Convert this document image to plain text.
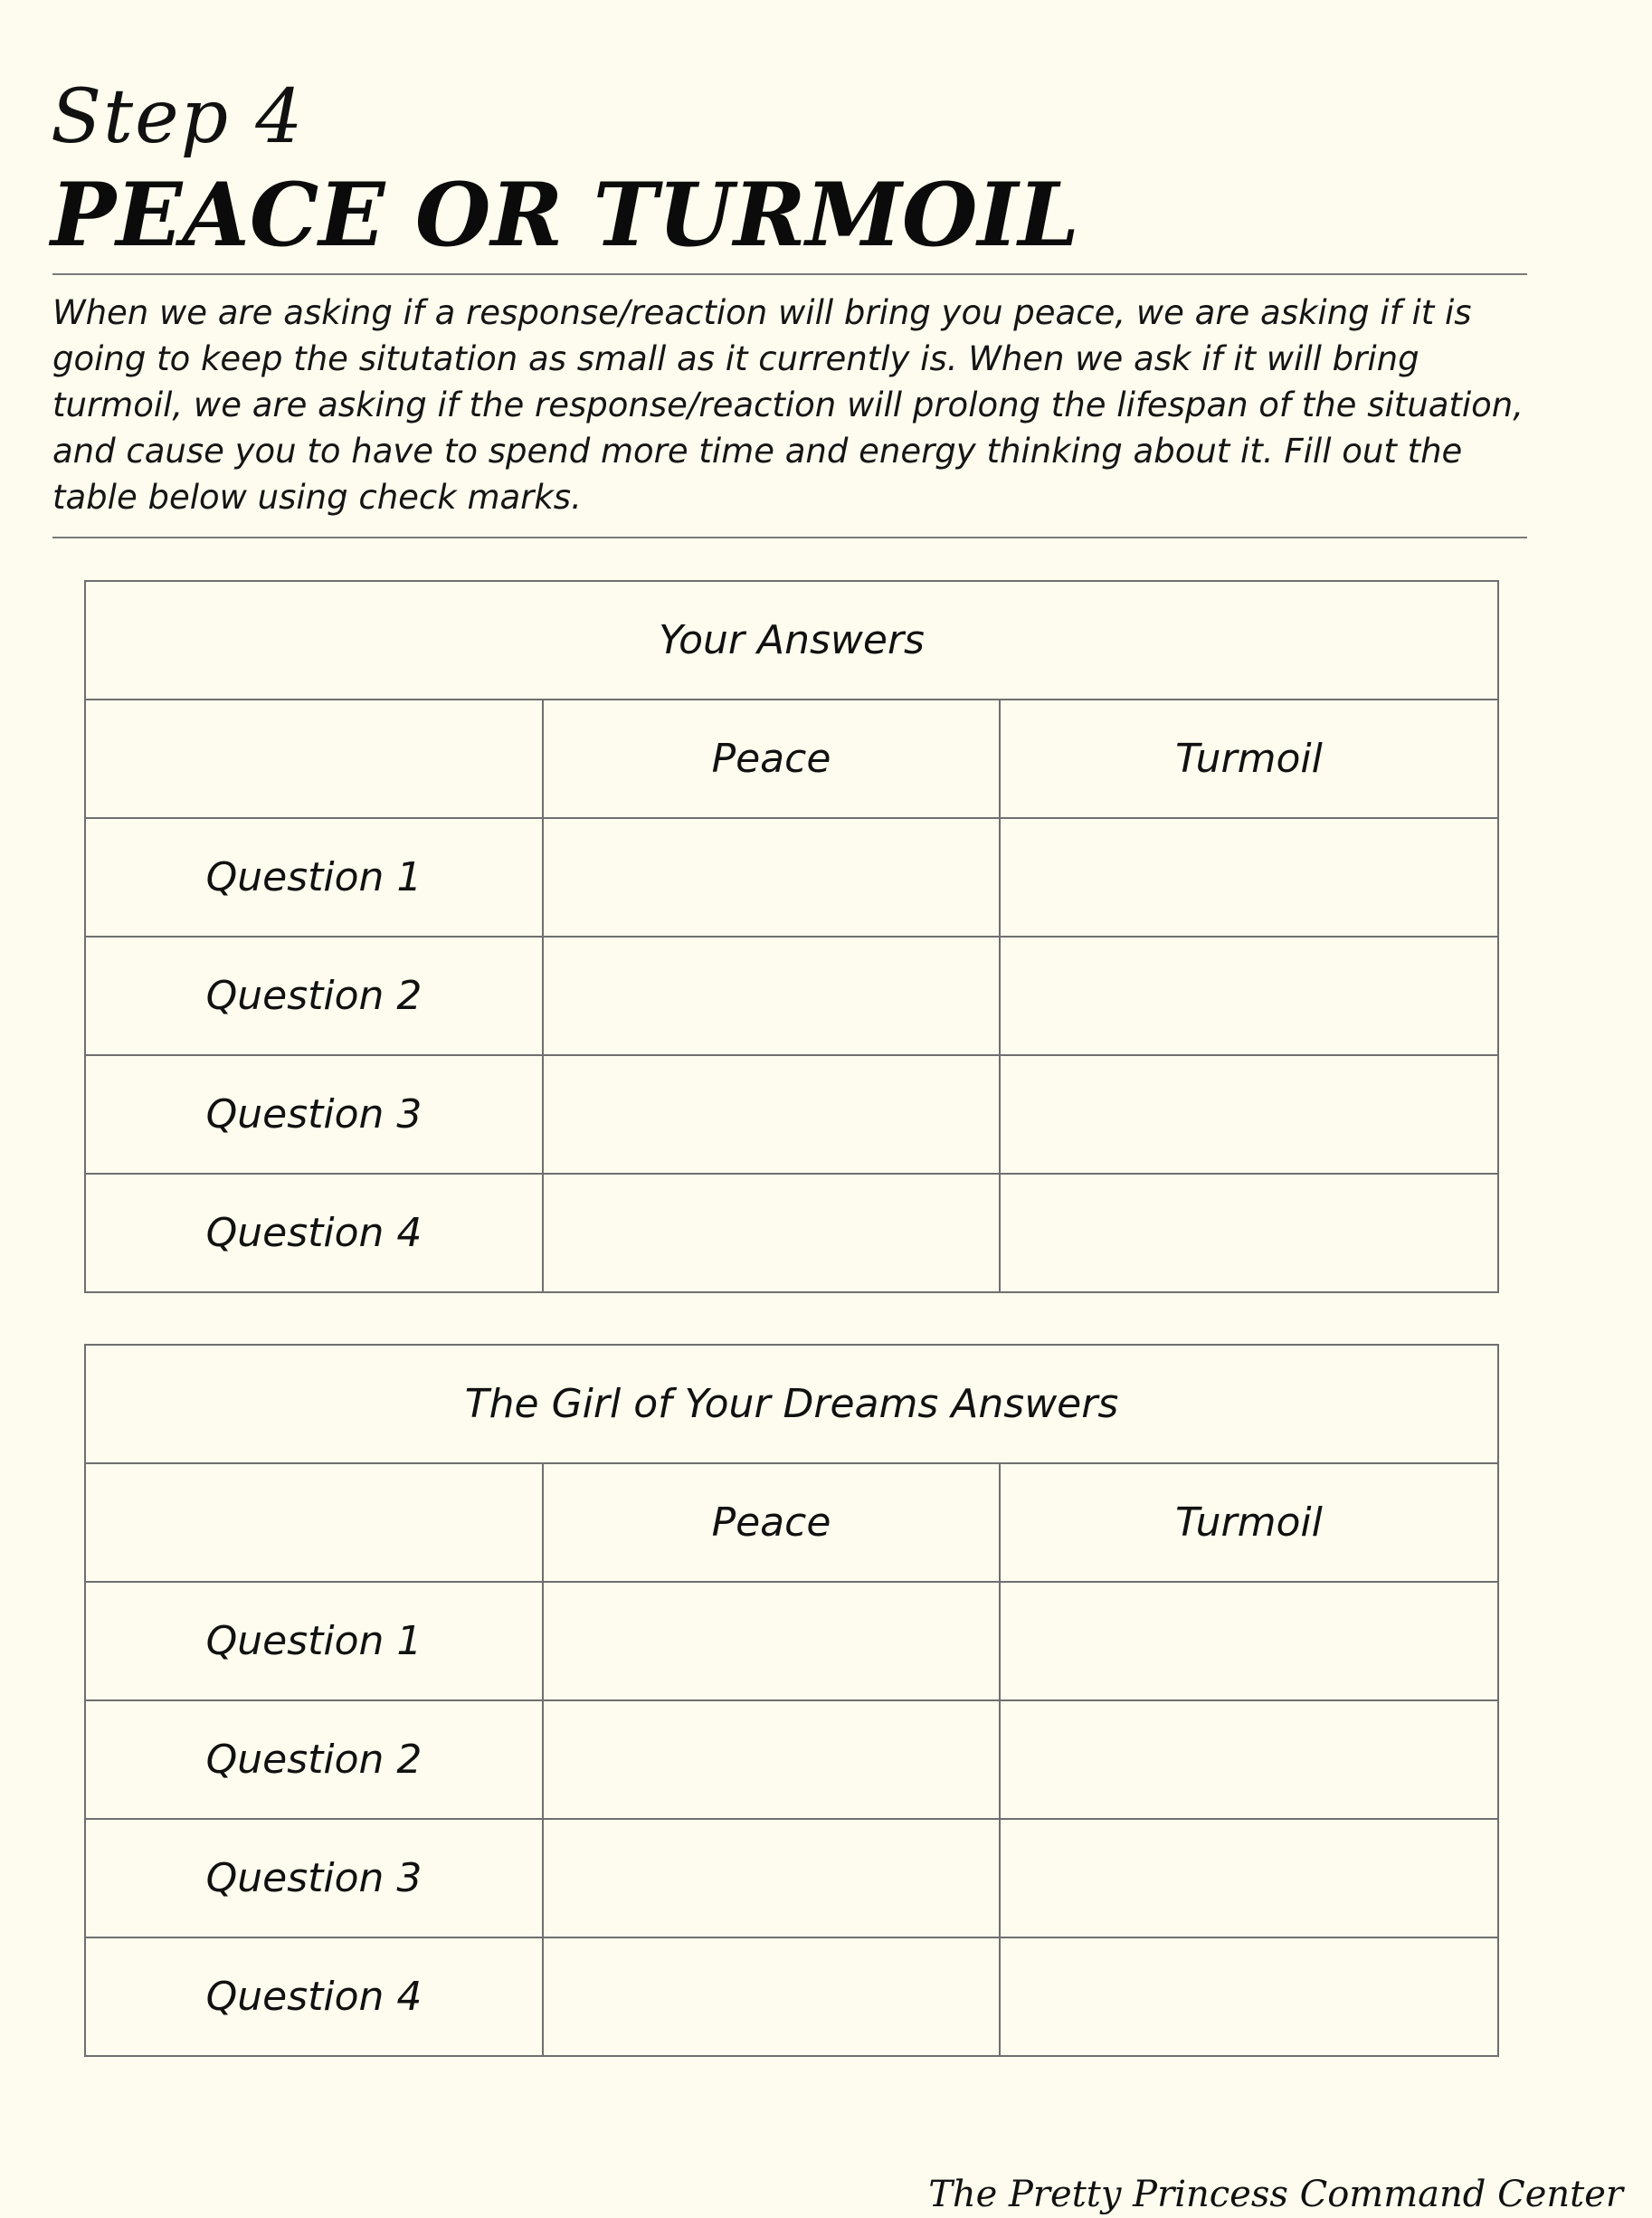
Step 4
PEACE OR TURMOIL

When we are asking if a response/reaction will bring you peace, we are asking if it is going to keep the situtation as small as it currently is. When we ask if it will bring turmoil, we are asking if the response/reaction will prolong the lifespan of the situation, and cause you to have to spend more time and energy thinking about it. Fill out the table below using check marks.

Your Answers		
	Peace	Turmoil
Question 1		
Question 2		
Question 3		
Question 4		
The Girl of Your Dreams Answers		
	Peace	Turmoil
Question 1		
Question 2		
Question 3		
Question 4		
The Pretty Princess Command Center
